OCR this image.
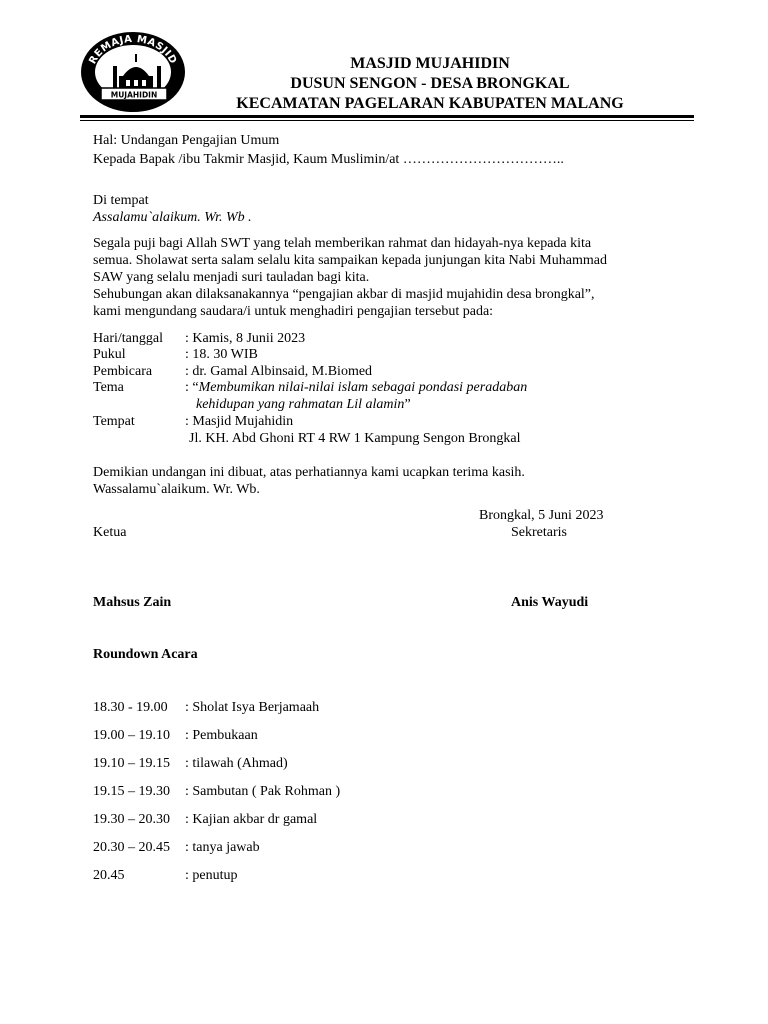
REMAJA MASJID
MUJAHIDIN
MASJID MUJAHIDIN
DUSUN SENGON - DESA BRONGKAL
KECAMATAN PAGELARAN KABUPATEN MALANG
Hal: Undangan Pengajian Umum
Kepada Bapak /ibu Takmir Masjid, Kaum Muslimin/at ……………………………..
Di tempat
Assalamu`alaikum. Wr. Wb .
Segala puji bagi Allah SWT yang telah memberikan rahmat dan hidayah-nya kepada kita
semua. Sholawat serta salam selalu kita sampaikan kepada junjungan kita Nabi Muhammad
SAW yang selalu menjadi suri tauladan bagi kita.
Sehubungan akan dilaksanakannya “pengajian akbar di masjid mujahidin desa brongkal”,
kami mengundang saudara/i untuk menghadiri pengajian tersebut pada:
Hari/tanggal : Kamis, 8 Junii 2023
Pukul	: 18. 30 WIB
Pembicara : dr. Gamal Albinsaid, M.Biomed
Tema	: “Membumikan nilai-nilai islam sebagai pondasi peradaban
kehidupan yang rahmatan Lil alamin”
Tempat	: Masjid Mujahidin
Jl. KH. Abd Ghoni RT 4 RW 1 Kampung Sengon Brongkal
Demikian undangan ini dibuat, atas perhatiannya kami ucapkan terima kasih.
Wassalamu`alaikum. Wr. Wb.
Brongkal, 5 Juni 2023
Ketua	Sekretaris
Mahsus Zain	Anis Wayudi
Roundown Acara
18.30 - 19.00 : Sholat Isya Berjamaah
19.00 – 19.10 : Pembukaan
19.10 – 19.15 : tilawah (Ahmad)
19.15 – 19.30 : Sambutan ( Pak Rohman )
19.30 – 20.30 : Kajian akbar dr gamal
20.30 – 20.45 : tanya jawab
20.45	: penutup
